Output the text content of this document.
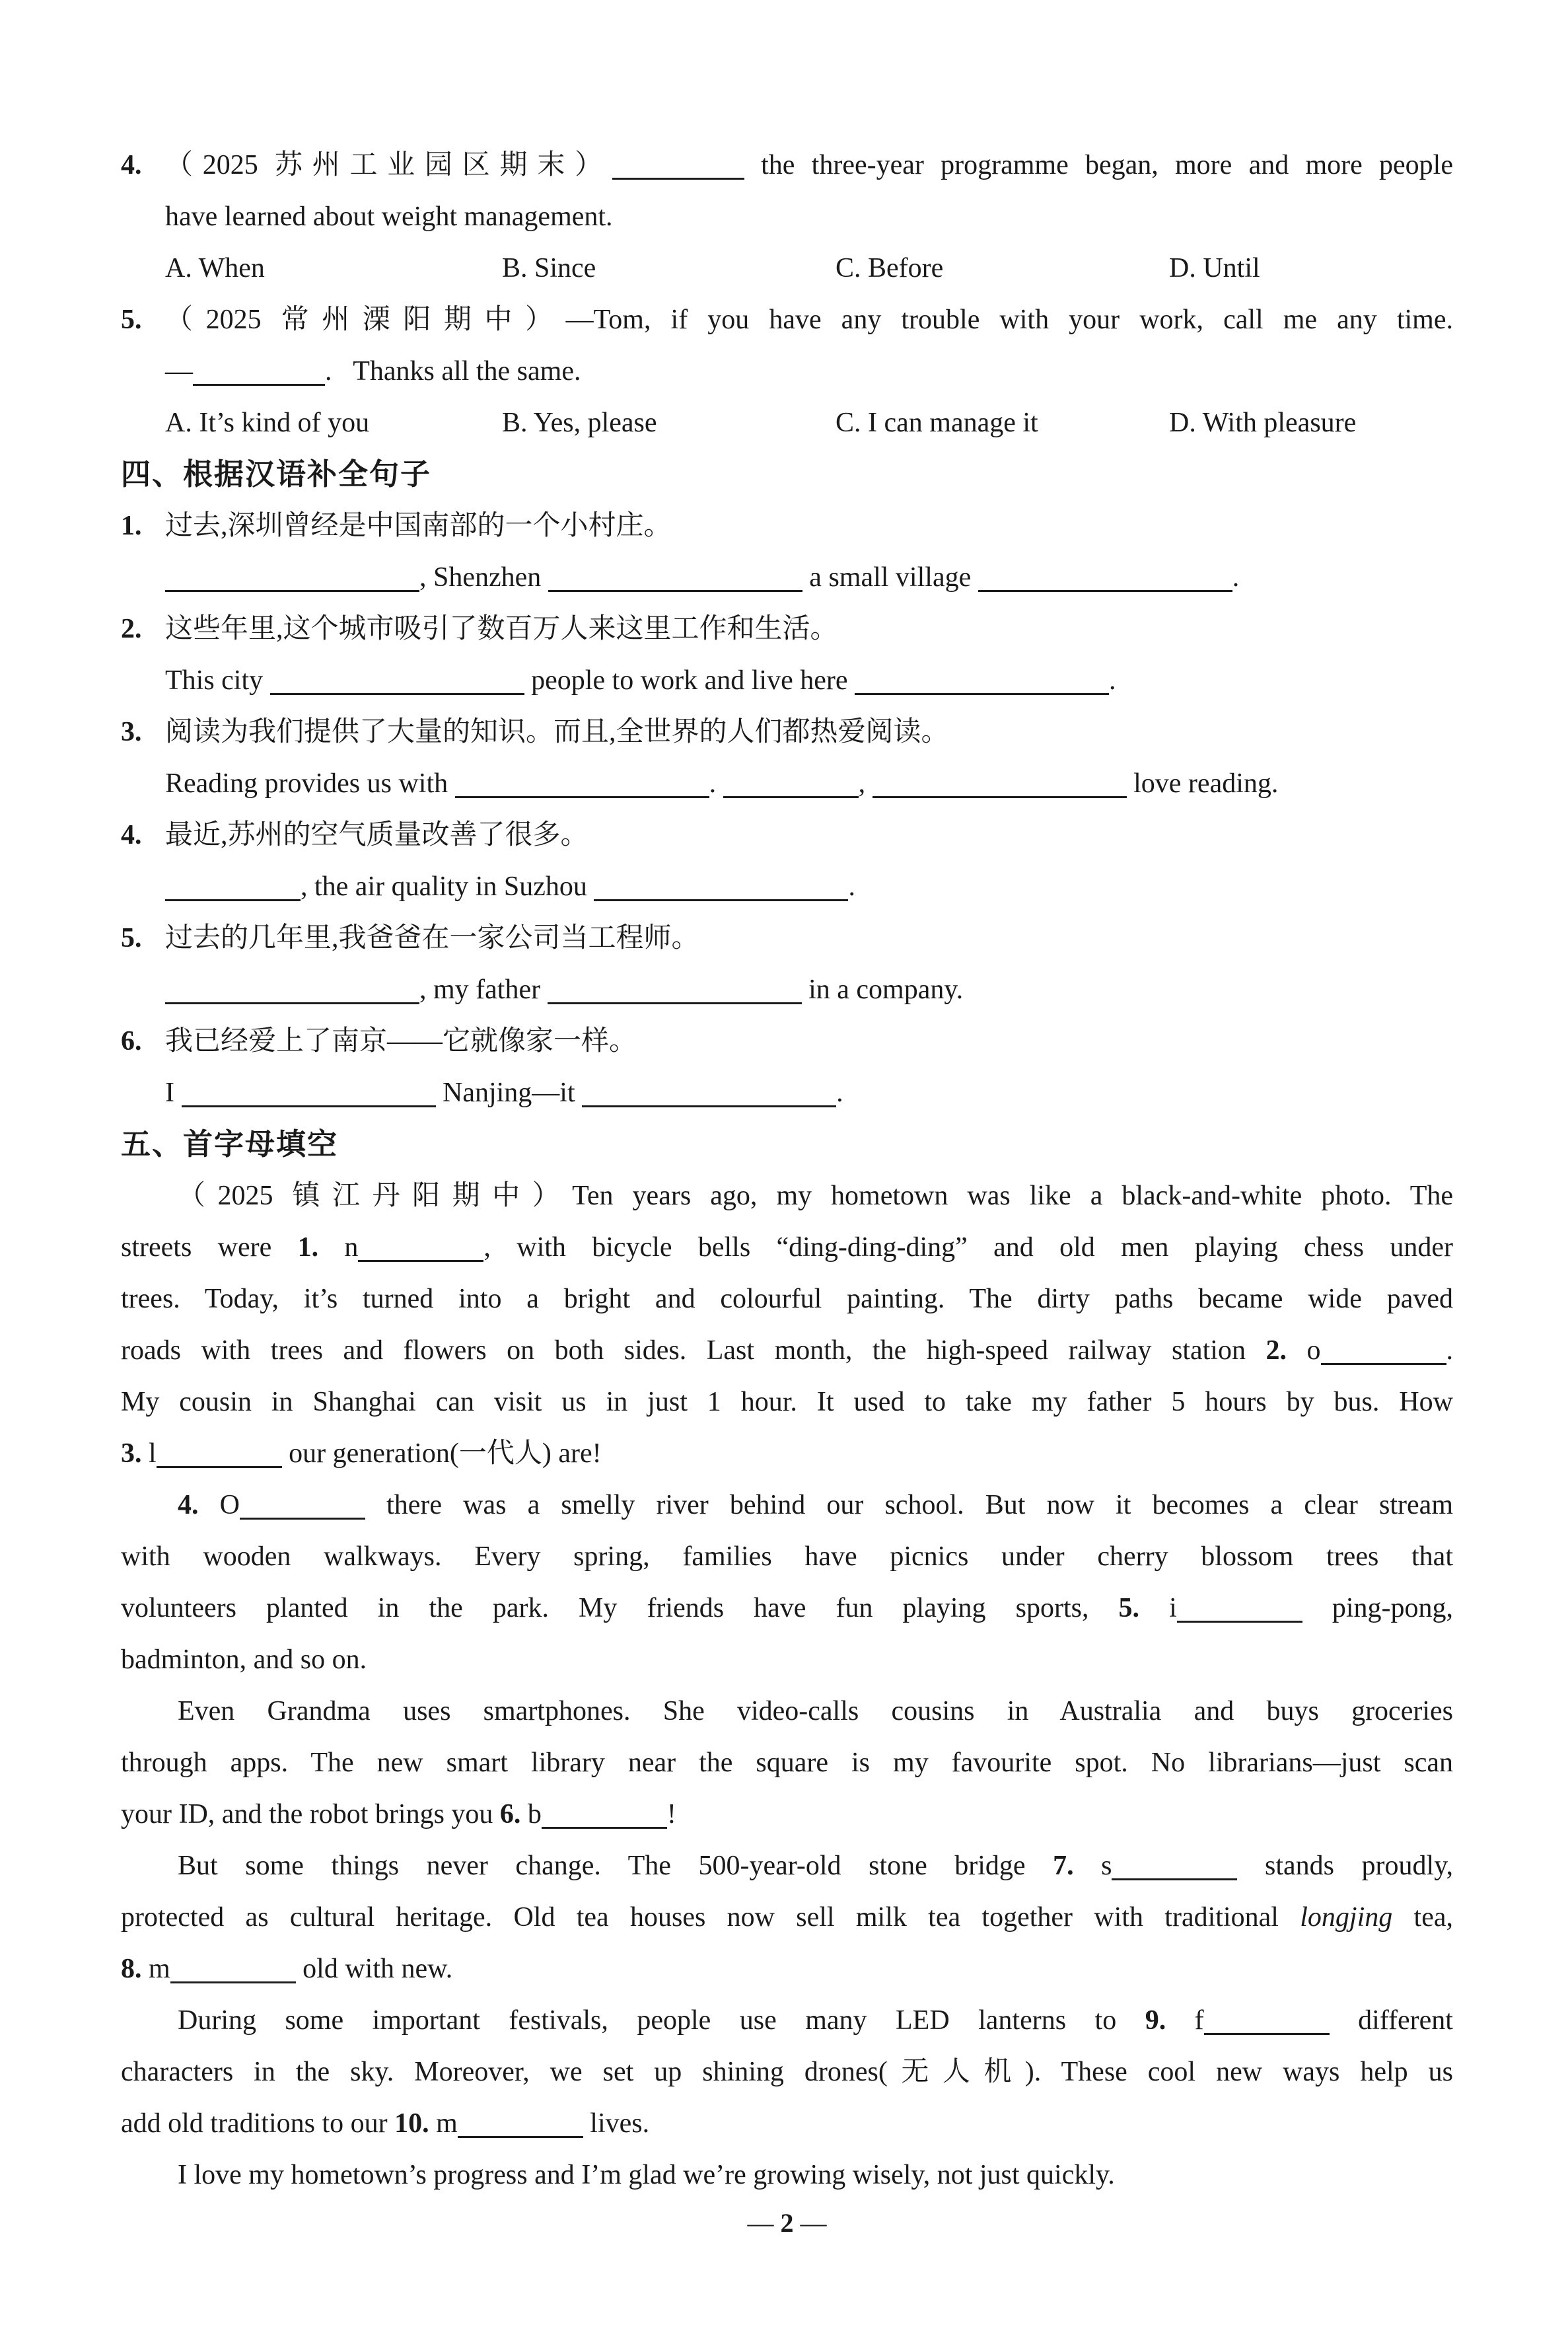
4. （2025 苏州工业园区期末）	the three-year programme began, more and more people
have learned about weight management.
A. When	B. Since	C. Before	D. Until
5. （2025 常州溧阳期中）—Tom, if you have any trouble with your work, call me any time.
—	. Thanks all the same.
A. It’s kind of you	B. Yes, please	C. I can manage it	D. With pleasure
四、根据汉语补全句子
1. 过去,深圳曾经是中国南部的一个小村庄。
, Shenzhen	a small village	.
2. 这些年里,这个城市吸引了数百万人来这里工作和生活。
This city	people to work and live here	.
3. 阅读为我们提供了大量的知识。而且,全世界的人们都热爱阅读。
Reading provides us with	.	,	love reading.
4. 最近,苏州的空气质量改善了很多。
, the air quality in Suzhou	.
5. 过去的几年里,我爸爸在一家公司当工程师。
, my father	in a company.
6. 我已经爱上了南京——它就像家一样。
I	Nanjing—it	.
五、首字母填空
（2025 镇江丹阳期中）Ten years ago, my hometown was like a black-and-white photo. The
streets were 1. n	, with bicycle bells “ding-ding-ding” and old men playing chess under
trees. Today, it’s turned into a bright and colourful painting. The dirty paths became wide paved
roads with trees and flowers on both sides. Last month, the high-speed railway station 2. o	.
My cousin in Shanghai can visit us in just 1 hour. It used to take my father 5 hours by bus. How
3. l	our generation(一代人) are!
4. O	there was a smelly river behind our school. But now it becomes a clear stream
with wooden walkways. Every spring, families have picnics under cherry blossom trees that
volunteers planted in the park. My friends have fun playing sports, 5. i	ping-pong,
badminton, and so on.
Even Grandma uses smartphones. She video-calls cousins in Australia and buys groceries
through apps. The new smart library near the square is my favourite spot. No librarians—just scan
your ID, and the robot brings you 6. b	!
But some things never change. The 500-year-old stone bridge 7. s	stands proudly,
protected as cultural heritage. Old tea houses now sell milk tea together with traditional longjing tea,
8. m	old with new.
During some important festivals, people use many LED lanterns to 9. f	different
characters in the sky. Moreover, we set up shining drones(无人机). These cool new ways help us
add old traditions to our 10. m	lives.
I love my hometown’s progress and I’m glad we’re growing wisely, not just quickly.
— 2 —
